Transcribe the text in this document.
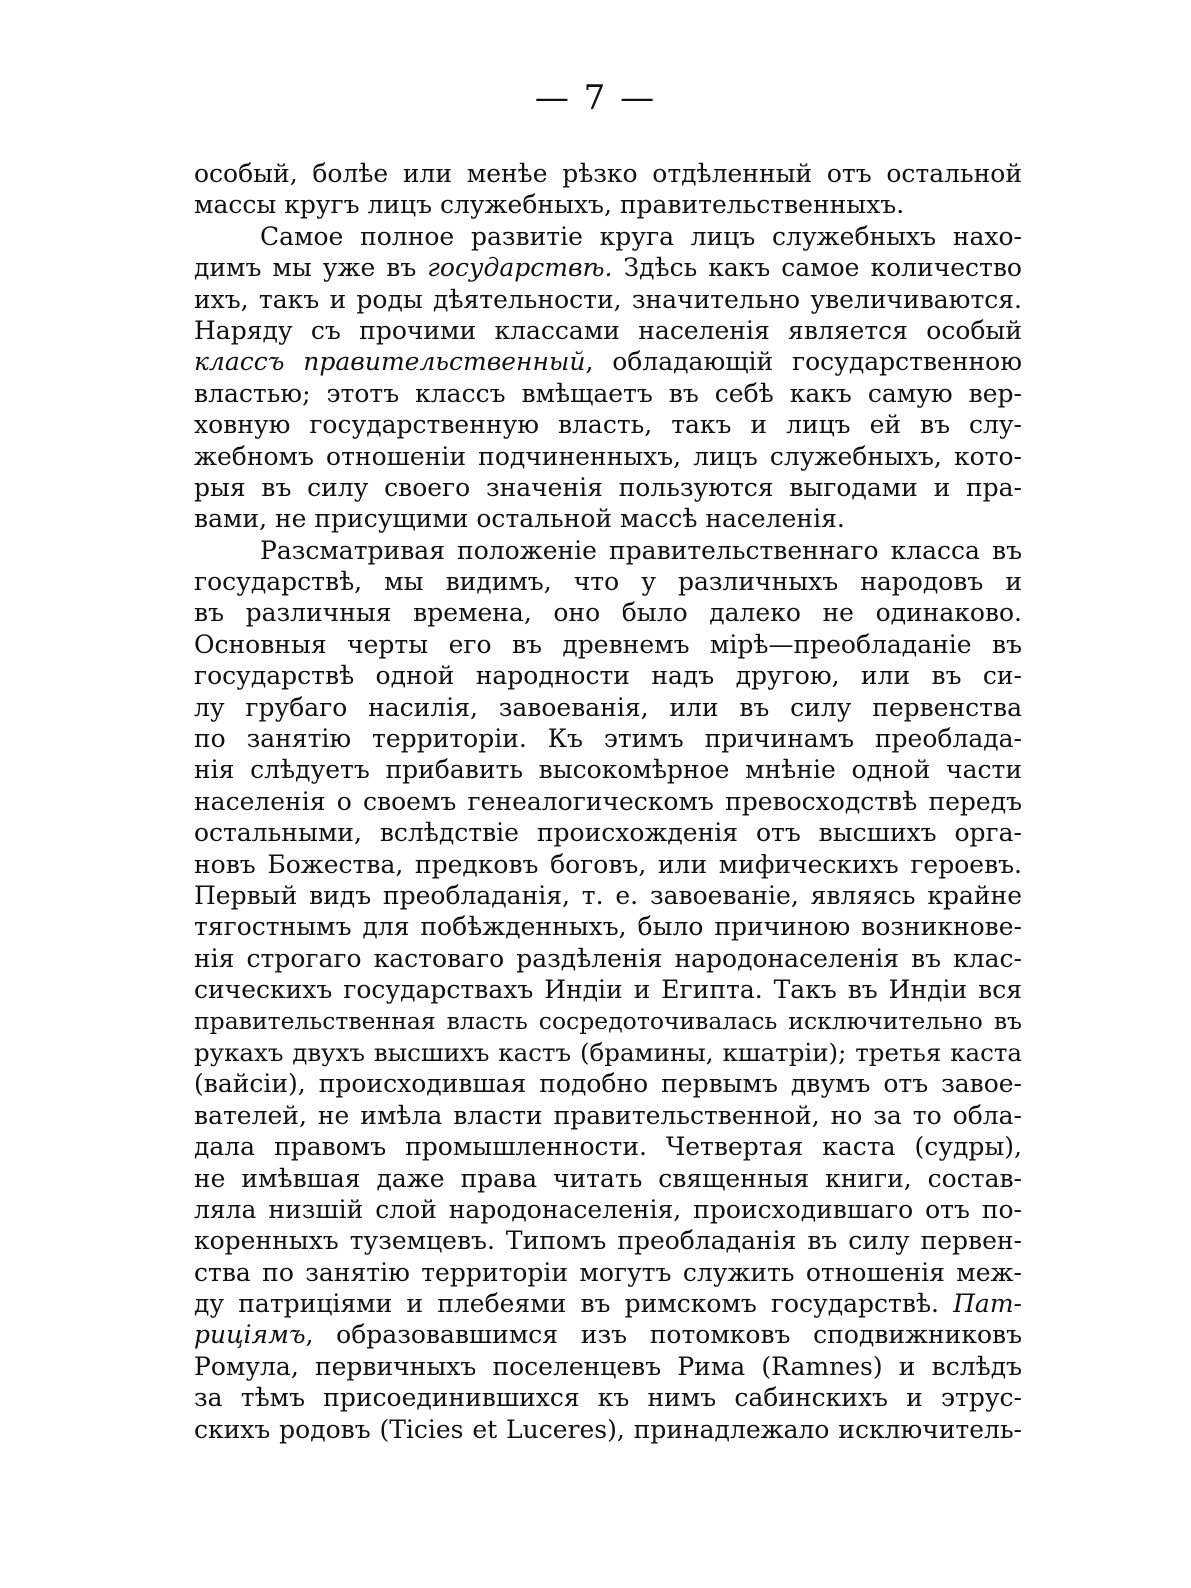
— 7 —
особый, болѣе или менѣе рѣзко отдѣленный отъ остальной
массы кругъ лицъ служебныхъ, правительственныхъ.
Самое полное развитіе круга лицъ служебныхъ нахо-
димъ мы уже въ государствѣ. Здѣсь какъ самое количество
ихъ, такъ и роды дѣятельности, значительно увеличиваются.
Наряду съ прочими классами населенія является особый
классъ правительственный, обладающій государственною
властью; этотъ классъ вмѣщаетъ въ себѣ какъ самую вер-
ховную государственную власть, такъ и лицъ ей въ слу-
жебномъ отношеніи подчиненныхъ, лицъ служебныхъ, кото-
рыя въ силу своего значенія пользуются выгодами и пра-
вами, не присущими остальной массѣ населенія.
Разсматривая положеніе правительственнаго класса въ
государствѣ, мы видимъ, что у различныхъ народовъ и
въ различныя времена, оно было далеко не одинаково.
Основныя черты его въ древнемъ мірѣ—преобладаніе въ
государствѣ одной народности надъ другою, или въ си-
лу грубаго насилія, завоеванія, или въ силу первенства
по занятію территоріи. Къ этимъ причинамъ преоблада-
нія слѣдуетъ прибавить высокомѣрное мнѣніе одной части
населенія о своемъ генеалогическомъ превосходствѣ передъ
остальными, вслѣдствіе происхожденія отъ высшихъ орга-
новъ Божества, предковъ боговъ, или мифическихъ героевъ.
Первый видъ преобладанія, т. е. завоеваніе, являясь крайне
тягостнымъ для побѣжденныхъ, было причиною возникнове-
нія строгаго кастоваго раздѣленія народонаселенія въ клас-
сическихъ государствахъ Индіи и Египта. Такъ въ Индіи вся
правительственная власть сосредоточивалась исключительно въ
рукахъ двухъ высшихъ кастъ (брамины, кшатріи); третья каста
(вайсіи), происходившая подобно первымъ двумъ отъ завое-
вателей, не имѣла власти правительственной, но за то обла-
дала правомъ промышленности. Четвертая каста (судры),
не имѣвшая даже права читать священныя книги, состав-
ляла низшій слой народонаселенія, происходившаго отъ по-
коренныхъ туземцевъ. Типомъ преобладанія въ силу первен-
ства по занятію территоріи могутъ служить отношенія меж-
ду патриціями и плебеями въ римскомъ государствѣ. Пат-
риціямъ, образовавшимся изъ потомковъ сподвижниковъ
Ромула, первичныхъ поселенцевъ Рима (Ramnes) и вслѣдъ
за тѣмъ присоединившихся къ нимъ сабинскихъ и этрус-
скихъ родовъ (Ticies et Luceres), принадлежало исключитель-
